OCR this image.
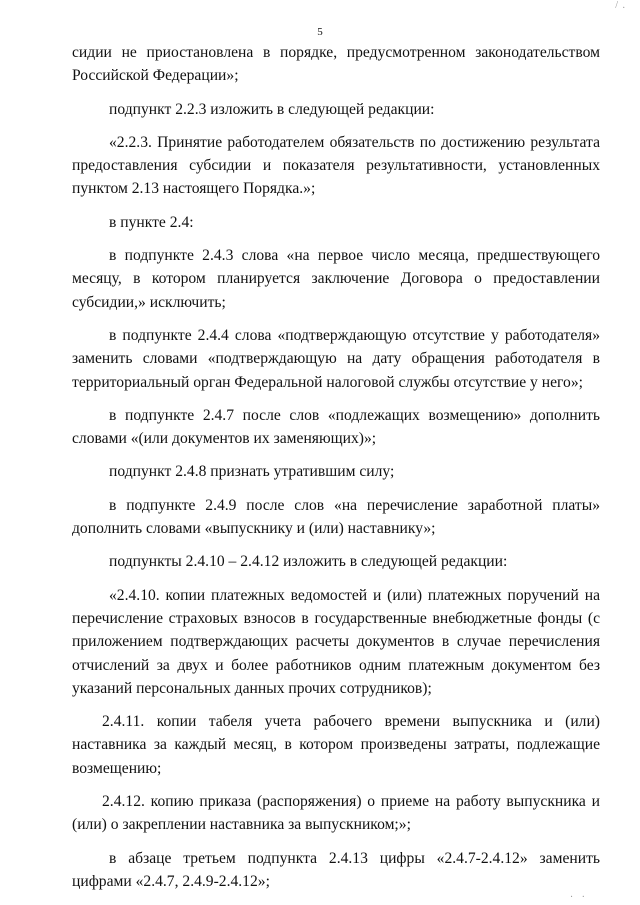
/ .
5

сидии не приостановлена в порядке, предусмотренном законодательством Российской Федерации»;

подпункт 2.2.3 изложить в следующей редакции:

«2.2.3. Принятие работодателем обязательств по достижению результата предоставления субсидии и показателя результативности, установленных пунктом 2.13 настоящего Порядка.»;

в пункте 2.4:

в подпункте 2.4.3 слова «на первое число месяца, предшествующего месяцу, в котором планируется заключение Договора о предоставлении субсидии,» исключить;

в подпункте 2.4.4 слова «подтверждающую отсутствие у работодателя» заменить словами «подтверждающую на дату обращения работодателя в территориальный орган Федеральной налоговой службы отсутствие у него»;

в подпункте 2.4.7 после слов «подлежащих возмещению» дополнить словами «(или документов их заменяющих)»;

подпункт 2.4.8 признать утратившим силу;

в подпункте 2.4.9 после слов «на перечисление заработной платы» дополнить словами «выпускнику и (или) наставнику»;

подпункты 2.4.10 – 2.4.12 изложить в следующей редакции:

«2.4.10. копии платежных ведомостей и (или) платежных поручений на перечисление страховых взносов в государственные внебюджетные фонды (с приложением подтверждающих расчеты документов в случае перечисления отчислений за двух и более работников одним платежным документом без указаний персональных данных прочих сотрудников);

2.4.11. копии табеля учета рабочего времени выпускника и (или) наставника за каждый месяц, в котором произведены затраты, подлежащие возмещению;

2.4.12. копию приказа (распоряжения) о приеме на работу выпускника и (или) о закреплении наставника за выпускником;»;

в абзаце третьем подпункта 2.4.13 цифры «2.4.7-2.4.12» заменить цифрами «2.4.7, 2.4.9-2.4.12»;

· ·
